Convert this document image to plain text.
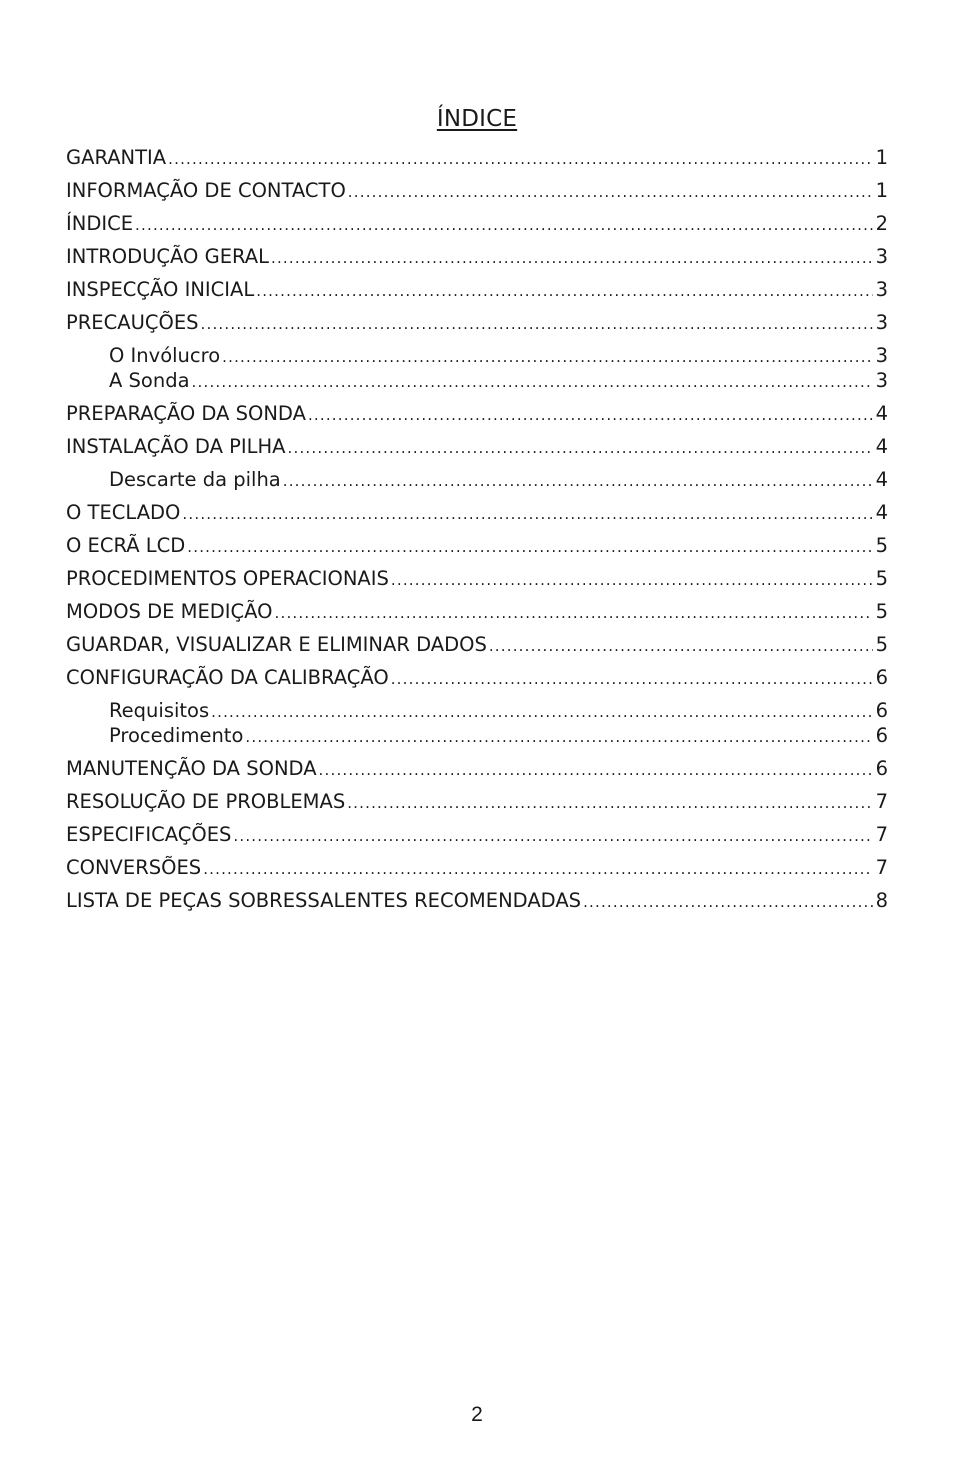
ÍNDICE
GARANTIA .....	1
INFORMAÇÃO DE CONTACTO .....	1
ÍNDICE .....	2
INTRODUÇÃO GERAL .....	3
INSPECÇÃO INICIAL .....	3
PRECAUÇÕES .....	3
O Invólucro .....	3
A Sonda .....	3
PREPARAÇÃO DA SONDA .....	4
INSTALAÇÃO DA PILHA .....	4
Descarte da pilha .....	4
O TECLADO .....	4
O ECRÃ LCD .....	5
PROCEDIMENTOS OPERACIONAIS .....	5
MODOS DE MEDIÇÃO .....	5
GUARDAR, VISUALIZAR E ELIMINAR DADOS .....	5
CONFIGURAÇÃO DA CALIBRAÇÃO .....	6
Requisitos .....	6
Procedimento .....	6
MANUTENÇÃO DA SONDA .....	6
RESOLUÇÃO DE PROBLEMAS .....	7
ESPECIFICAÇÕES .....	7
CONVERSÕES .....	7
LISTA DE PEÇAS SOBRESSALENTES RECOMENDADAS .....	8
2
